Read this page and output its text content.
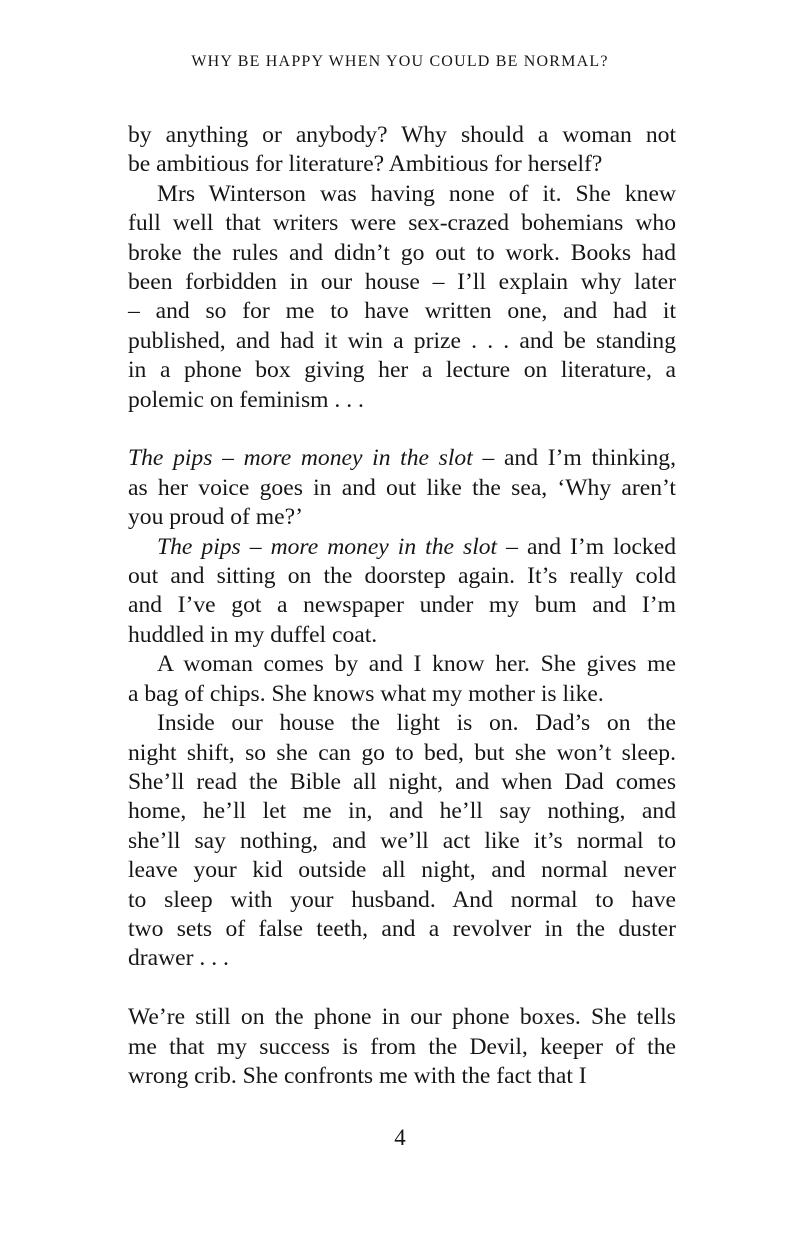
WHY BE HAPPY WHEN YOU COULD BE NORMAL?

by anything or anybody? Why should a woman not

be ambitious for literature? Ambitious for herself?

Mrs Winterson was having none of it. She knew

full well that writers were sex-crazed bohemians who

broke the rules and didn’t go out to work. Books had

been forbidden in our house – I’ll explain why later

– and so for me to have written one, and had it

published, and had it win a prize . . . and be standing

in a phone box giving her a lecture on literature, a

polemic on feminism . . .

The pips – more money in the slot – and I’m thinking,

as her voice goes in and out like the sea, ‘Why aren’t

you proud of me?’

The pips – more money in the slot – and I’m locked

out and sitting on the doorstep again. It’s really cold

and I’ve got a newspaper under my bum and I’m

huddled in my duffel coat.

A woman comes by and I know her. She gives me

a bag of chips. She knows what my mother is like.

Inside our house the light is on. Dad’s on the

night shift, so she can go to bed, but she won’t sleep.

She’ll read the Bible all night, and when Dad comes

home, he’ll let me in, and he’ll say nothing, and

she’ll say nothing, and we’ll act like it’s normal to

leave your kid outside all night, and normal never

to sleep with your husband. And normal to have

two sets of false teeth, and a revolver in the duster

drawer . . .

We’re still on the phone in our phone boxes. She tells

me that my success is from the Devil, keeper of the

wrong crib. She confronts me with the fact that I

4
